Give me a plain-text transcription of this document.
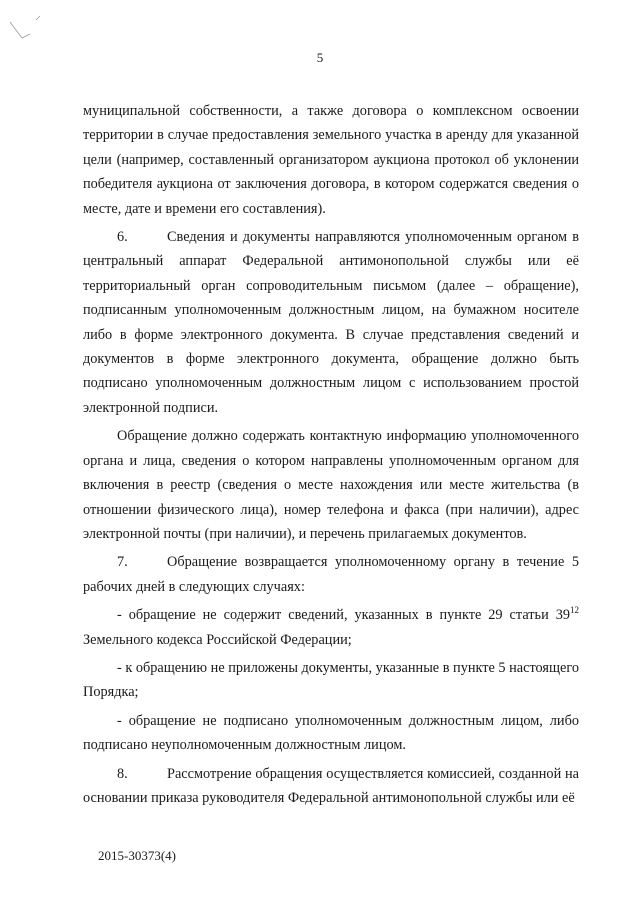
5

муниципальной собственности, а также договора о комплексном освоении территории в случае предоставления земельного участка в аренду для указанной цели (например, составленный организатором аукциона протокол об уклонении победителя аукциона от заключения договора, в котором содержатся сведения о месте, дате и времени его составления).

6.	Сведения и документы направляются уполномоченным органом в центральный аппарат Федеральной антимонопольной службы или её территориальный орган сопроводительным письмом (далее – обращение), подписанным уполномоченным должностным лицом, на бумажном носителе либо в форме электронного документа. В случае представления сведений и документов в форме электронного документа, обращение должно быть подписано уполномоченным должностным лицом с использованием простой электронной подписи.

Обращение должно содержать контактную информацию уполномоченного органа и лица, сведения о котором направлены уполномоченным органом для включения в реестр (сведения о месте нахождения или месте жительства (в отношении физического лица), номер телефона и факса (при наличии), адрес электронной почты (при наличии), и перечень прилагаемых документов.

7.	Обращение возвращается уполномоченному органу в течение 5 рабочих дней в следующих случаях:

- обращение не содержит сведений, указанных в пункте 29 статьи $39^{12}$ Земельного кодекса Российской Федерации;

- к обращению не приложены документы, указанные в пункте 5 настоящего Порядка;

- обращение не подписано уполномоченным должностным лицом, либо подписано неуполномоченным должностным лицом.

8.	Рассмотрение обращения осуществляется комиссией, созданной на основании приказа руководителя Федеральной антимонопольной службы или её

2015-30373(4)
